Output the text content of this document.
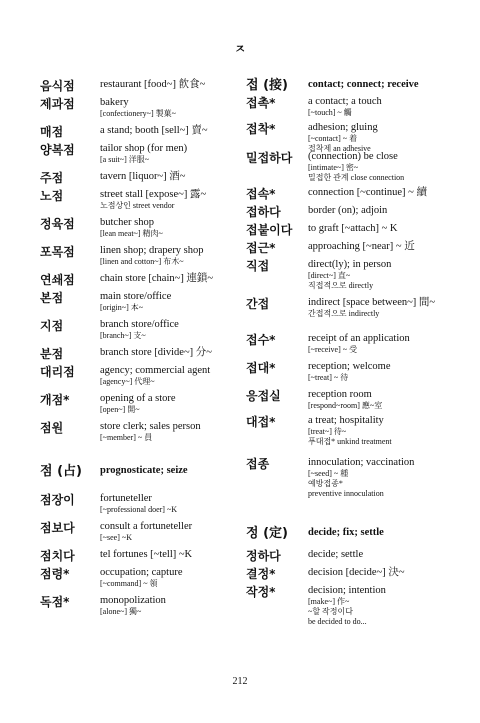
ㅈ
음식점	restaurant [food~] 飮食~
제과점	bakery
[confectionery~] 製菓~
매점	a stand; booth [sell~] 賣~
양복점	tailor shop (for men)
[a suit~] 洋服~
주점	tavern [liquor~] 酒~
노점	street stall [expose~] 露~
노점상인 street vendor
정육점	butcher shop
[lean meat~] 精肉~
포목점	linen shop; drapery shop
[linen and cotton~] 布木~
연쇄점	chain store [chain~] 連鎖~
본점	main store/office
[origin~] 本~
지점	branch store/office
[branch~] 支~
분점	branch store [divide~] 分~
대리점	agency; commercial agent
[agency~] 代理~
개점*	opening of a store
[open~] 開~
점원	store clerk; sales person
[~member] ~ 員
점 (占)	prognosticate; seize
점장이	fortuneteller
[~professional doer] ~K
점보다	consult a fortuneteller
[~see] ~K
점치다	tel fortunes [~tell] ~K
점령*	occupation; capture
[~command] ~ 領
독점*	monopolization
[alone~] 獨~
접 (接)	contact; connect; receive
접촉*	a contact; a touch
[~touch] ~ 觸
접착*	adhesion; gluing
[~contact] ~ 着
접착제 an adhesive
밀접하다	(connection) be close
[intimate~] 密~
밀접한 관계 close connection
접속*	connection [~continue] ~ 續
접하다	border (on); adjoin
접붙이다	to graft [~attach] ~ K
접근*	approaching [~near] ~ 近
직접	direct(ly); in person
[direct~] 直~
직접적으로 directly
간접	indirect [space between~] 間~
간접적으로 indirectly
접수*	receipt of an application
[~receive] ~ 受
접대*	reception; welcome
[~treat] ~ 待
응접실	reception room
[respond~room] 應~室
대접*	a treat; hospitality
[treat~] 待~
푸대접* unkind treatment
접종	innoculation; vaccination
[~seed] ~ 種
예방접종*
preventive innoculation
정 (定)	decide; fix; settle
정하다	decide; settle
결정*	decision [decide~] 決~
작정*	decision; intention
[make~] 作~
~할 작정이다
be decided to do...
212
